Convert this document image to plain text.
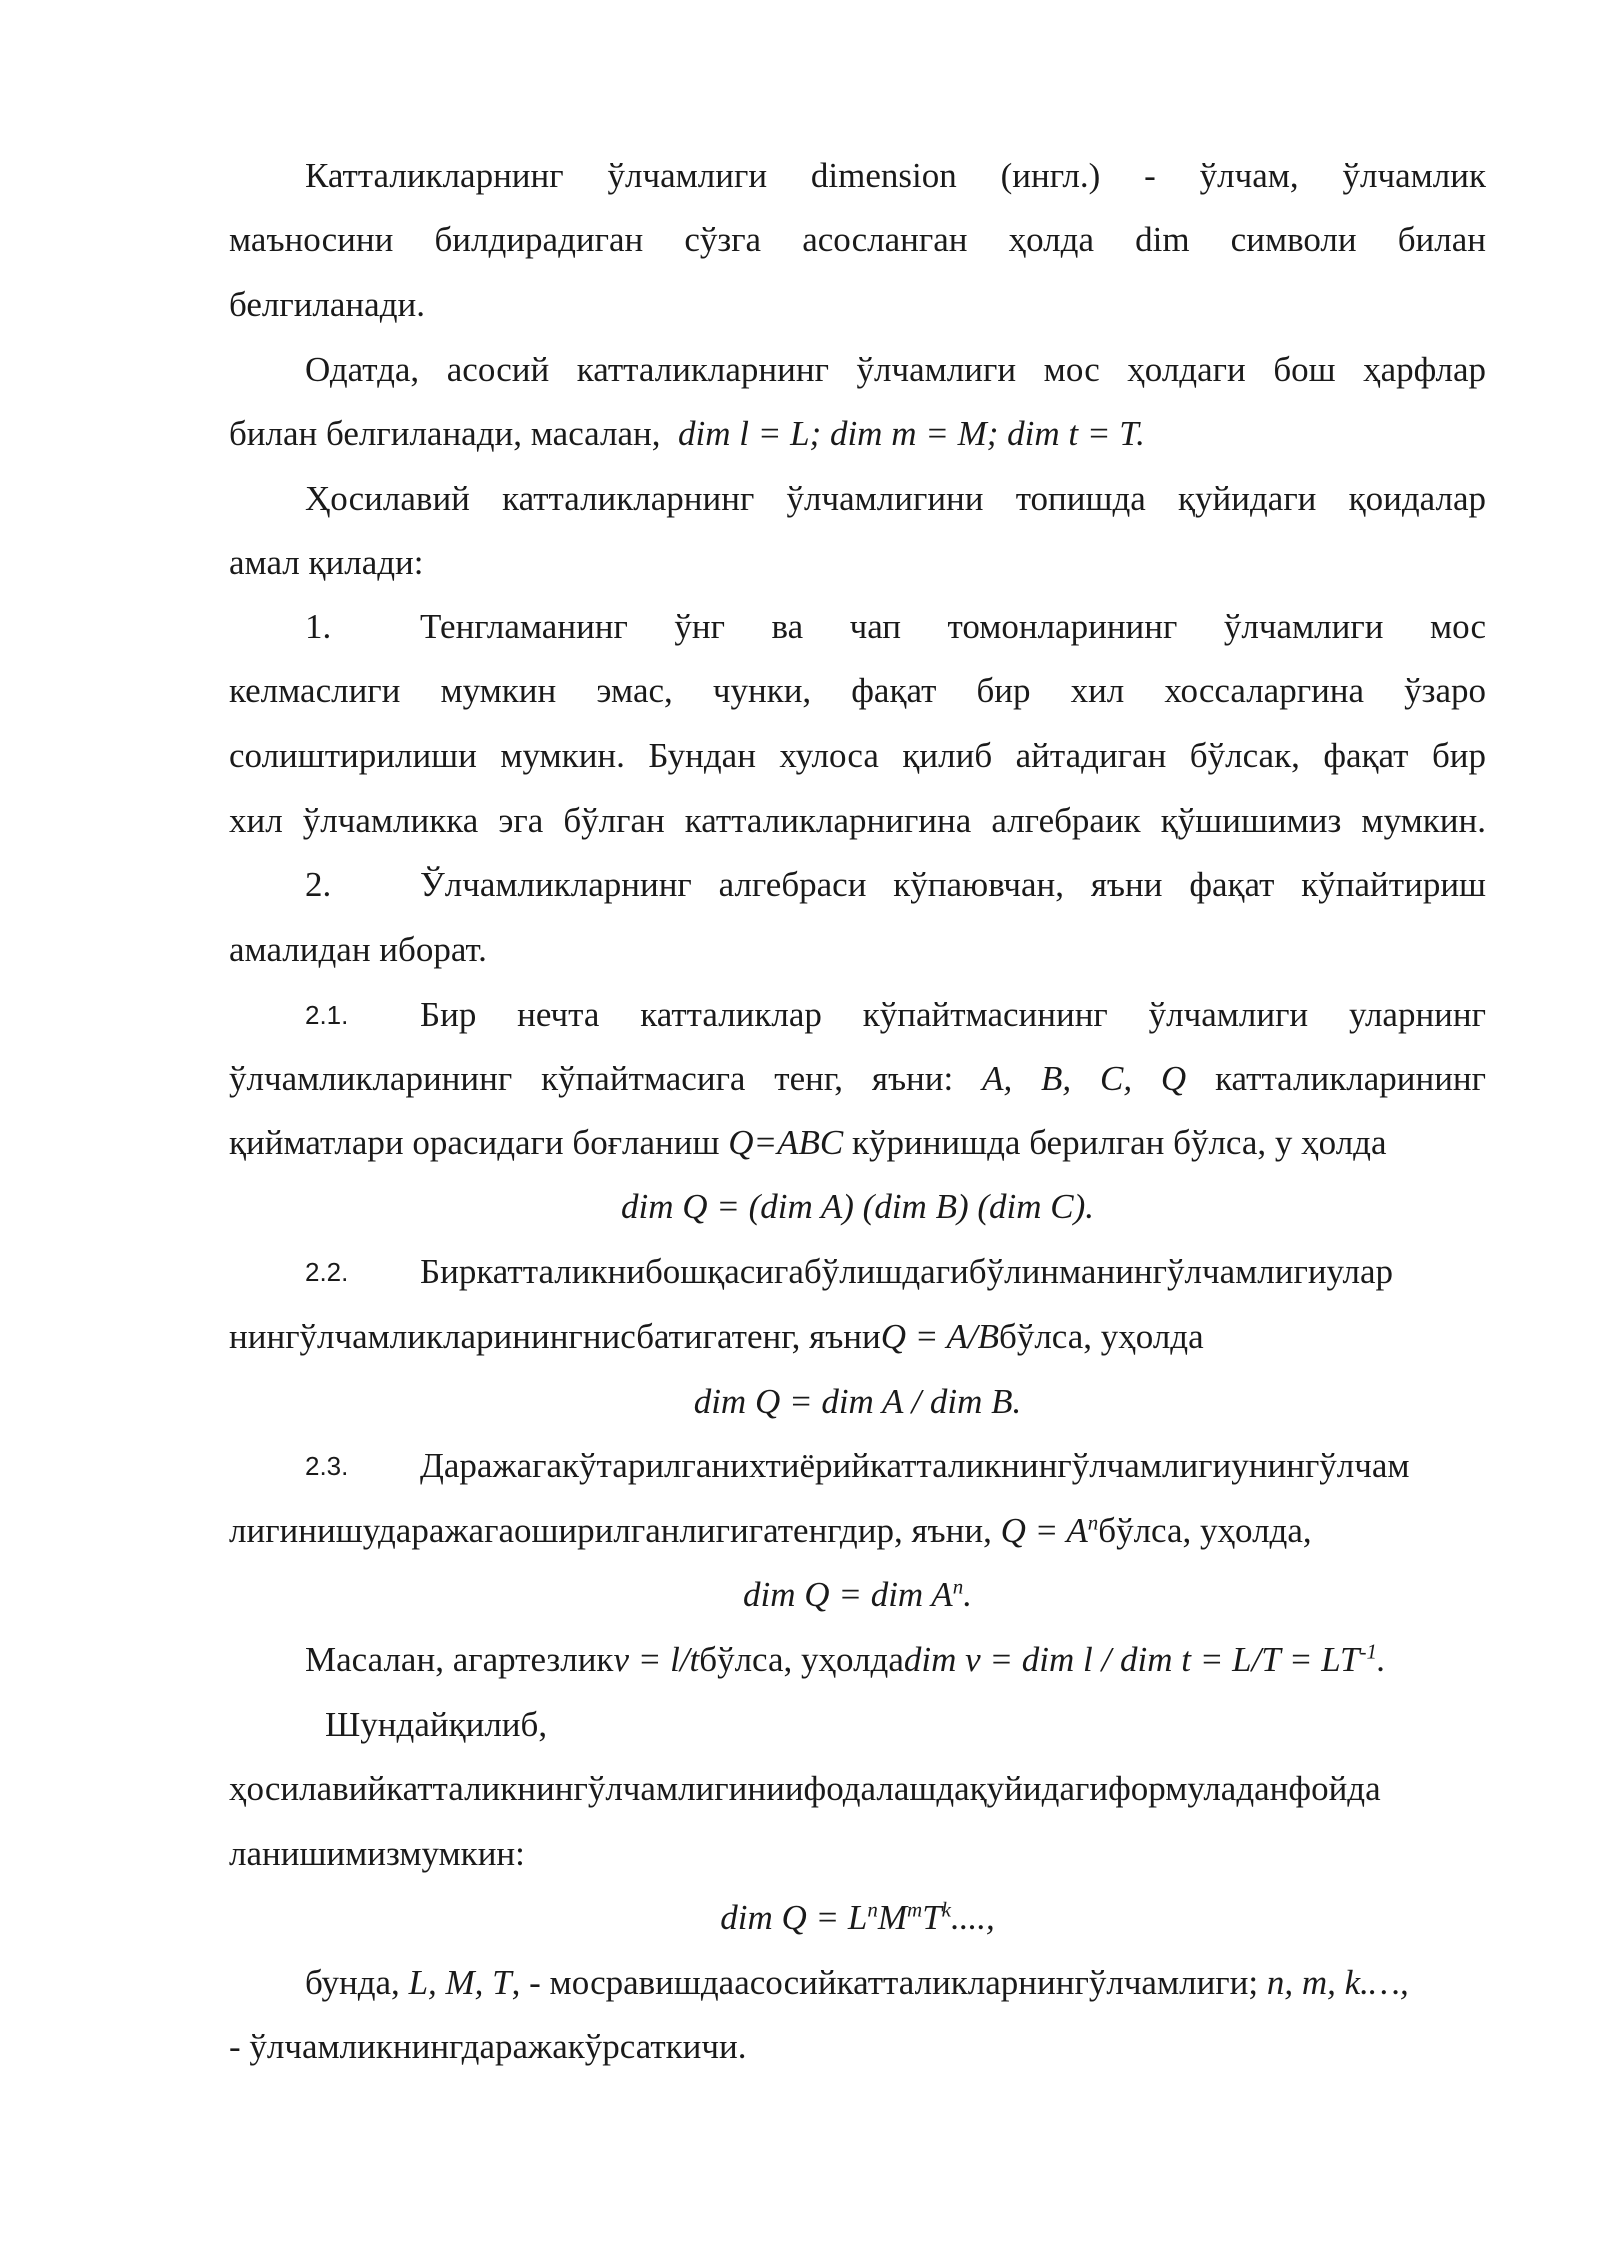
Катталикларнинг ўлчамлиги dimension (ингл.) - ўлчам, ўлчамлик
маъносини билдирадиган сўзга асосланган ҳолда dim символи билан
белгиланади.
Одатда, асосий катталикларнинг ўлчамлиги мос ҳолдаги бош ҳарфлар
билан белгиланади, масалан, dim l = L; dim m = M; dim t = T.
Ҳосилавий катталикларнинг ўлчамлигини топишда қуйидаги қоидалар
амал қилади:
1.	Тенгламанинг ўнг ва чап томонларининг ўлчамлиги мос
келмаслиги мумкин эмас, чунки, фақат бир хил хоссаларгина ўзаро
солиштирилиши мумкин. Бундан хулоса қилиб айтадиган бўлсак, фақат бир
хил ўлчамликка эга бўлган катталикларнигина алгебраик қўшишимиз мумкин.
2.	Ўлчамликларнинг алгебраси кўпаювчан, яъни фақат кўпайтириш
амалидан иборат.
2.1. Бир нечта катталиклар кўпайтмасининг ўлчамлиги уларнинг
ўлчамликларининг кўпайтмасига тенг, яъни: A, B, C, Q катталикларининг
қийматлари орасидаги боғланиш Q=ABC кўринишда берилган бўлса, у ҳолда
dim Q = (dim A) (dim B) (dim C).
2.2. Биркатталикнибошқасигабўлишдагибўлинманингўлчамлигиулар
нингўлчамликларинингнисбатигатенг, яъниQ = A/Bбўлса, уҳолда
dim Q = dim A / dim B.
2.3. Даражагакўтарилганихтиёрийкатталикнингўлчамлигиунингўлчам
лигинишударажагаоширилганлигигатенгдир, яъни, $Q = A^nбўлса$, уҳолда,
dim Q = dim $A^n$.
Масалан, агартезликv = l/tбўлса, уҳолдаdim v = dim l / dim $t = L/T = LT^{-1}$.
Шундайқилиб,
ҳосилавийкатталикнингўлчамлигиниифодалашдақуйидагиформуладанфойда
ланишимизмумкин:
dim $Q = L^nM^mT^k$....,
бунда, L, M, T, - мосравишдаасосийкатталикларнингўлчамлиги; n, m, k.…,
- ўлчамликнингдаражакўрсаткичи.
